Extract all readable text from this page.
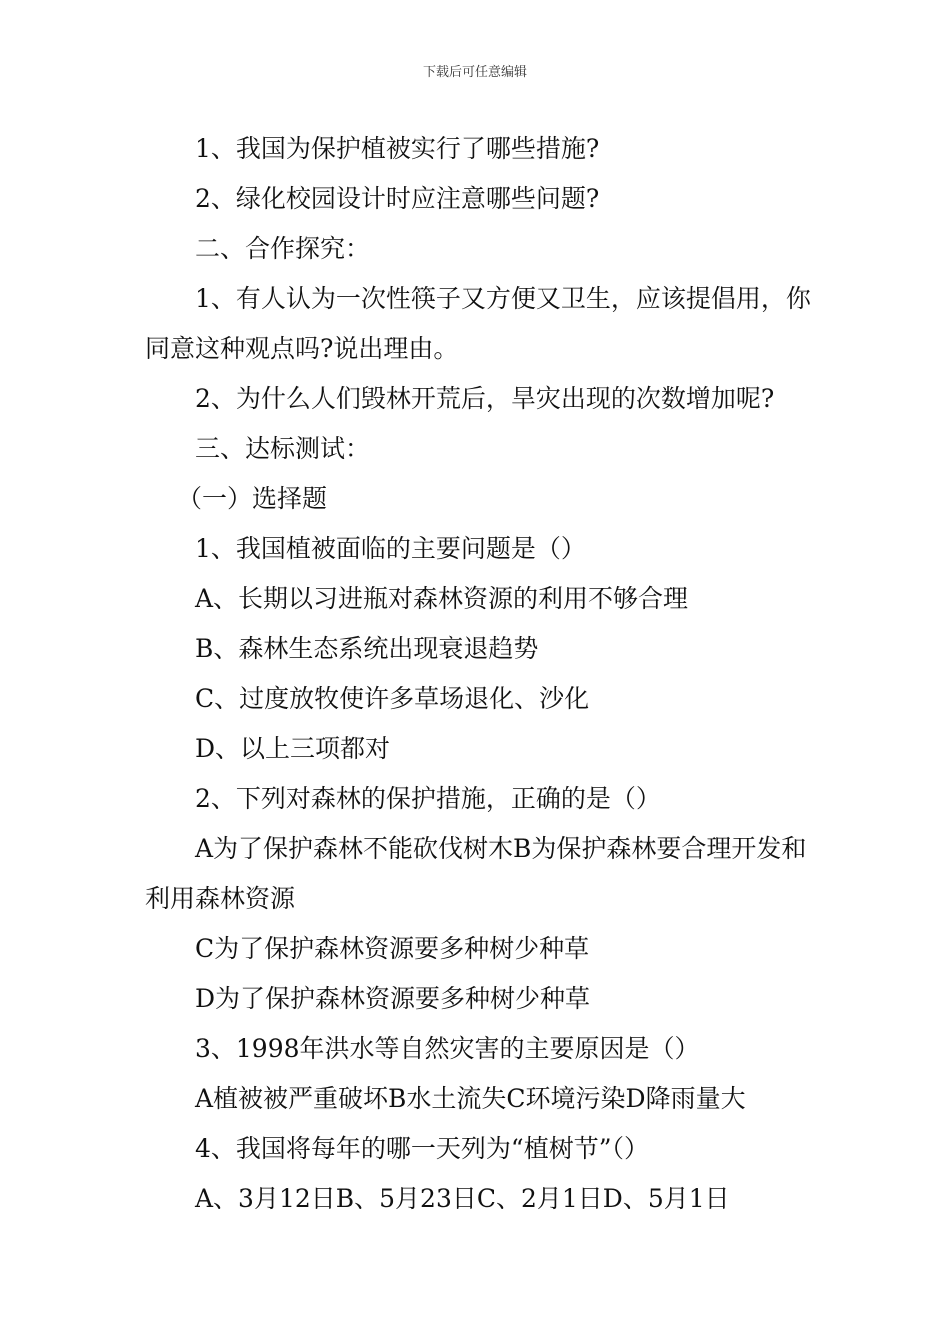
下载后可任意编辑

1、我国为保护植被实行了哪些措施?

2、绿化校园设计时应注意哪些问题?

二、合作探究：

1、有人认为一次性筷子又方便又卫生，应该提倡用，你同意这种观点吗?说出理由。

2、为什么人们毁林开荒后，旱灾出现的次数增加呢?

三、达标测试：

（一）选择题

1、我国植被面临的主要问题是（）

A、长期以习进瓶对森林资源的利用不够合理

B、森林生态系统出现衰退趋势

C、过度放牧使许多草场退化、沙化

D、以上三项都对

2、下列对森林的保护措施，正确的是（）

A为了保护森林不能砍伐树木B为保护森林要合理开发和利用森林资源

C为了保护森林资源要多种树少种草

D为了保护森林资源要多种树少种草

3、1998年洪水等自然灾害的主要原因是（）

A植被被严重破坏B水土流失C环境污染D降雨量大

4、我国将每年的哪一天列为“植树节”（）

A、3月12日B、5月23日C、2月1日D、5月1日
